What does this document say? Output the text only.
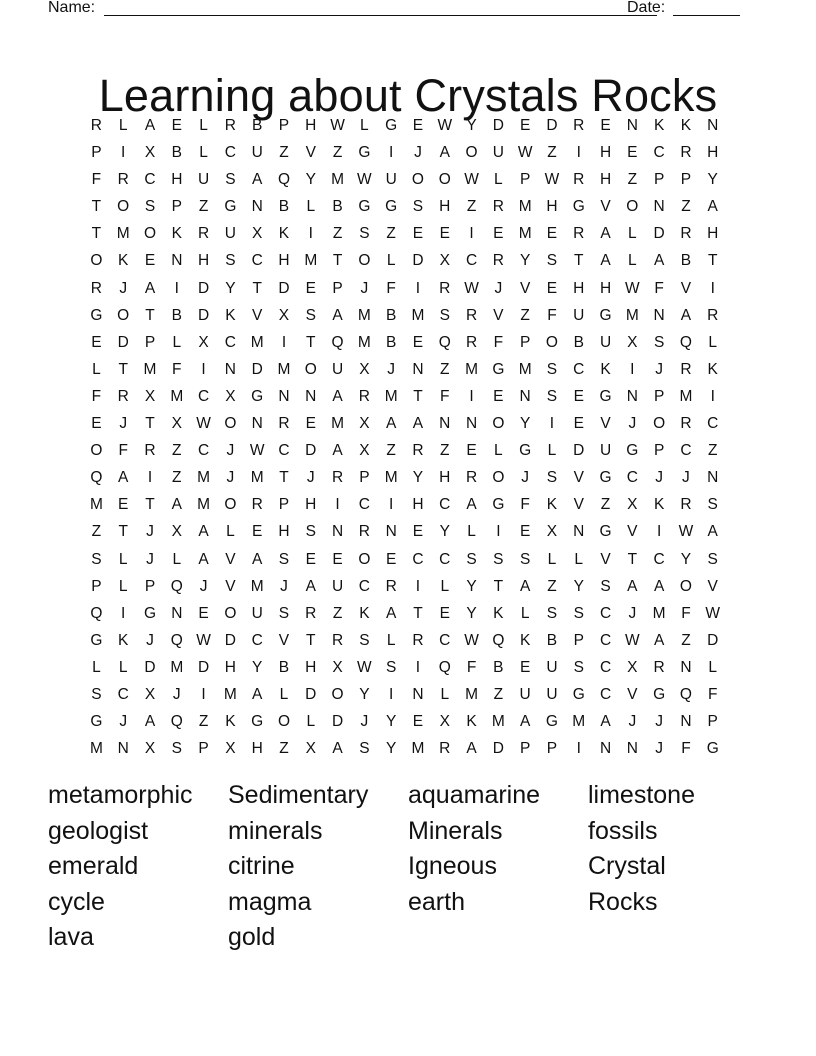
Name:	Date:
Learning about Crystals Rocks
R	L	A	E	L	R	B	P	H W L	G	E W Y	D	E	D	R	E	N	K	K	N
P	I	X	B	L	C	U	Z	V	Z	G	I	J	A	O U W Z	I	H	E	C	R	H
F	R	C	H	U	S	A	Q	Y M W U O O W L	P W R	H	Z	P	P	Y
T	O	S	P	Z	G N	B	L	B	G G	S	H	Z	R M H G	V	O N	Z	A
T	M O	K	R	U	X	K	I	Z	S	Z	E	E	I	E M E	R	A	L	D	R	H
O	K	E	N	H	S	C	H M	T	O	L	D	X	C	R	Y	S	T	A	L	A	B	T
R	J	A	I	D	Y	T	D	E	P	J	F	I	R W	J	V	E	H	H W F	V	I
G O	T	B	D	K	V	X	S	A M B M S	R	V	Z	F	U G M N	A	R
E	D	P	L	X	C M	I	T	Q M B	E	Q R	F	P	O	B	U	X	S	Q	L
L	T	M	F	I	N	D M O U	X	J	N	Z	M G M S	C	K	I	J	R	K
F	R	X M C	X	G N	N	A	R M	T	F	I	E	N	S	E	G N	P M	I
E	J	T	X W O N	R	E M X	A	A	N	N O	Y	I	E	V	J	O R	C
O	F	R	Z	C	J	W C	D	A	X	Z	R	Z	E	L	G	L	D	U G	P	C	Z
Q	A	I	Z	M	J	M	T	J	R	P M Y	H	R O	J	S	V	G C	J	J	N
M E	T	A M O R	P	H	I	C	I	H	C	A	G	F	K	V	Z	X	K	R	S
Z	T	J	X	A	L	E	H	S	N	R	N	E	Y	L	I	E	X	N G	V	I	W A
S	L	J	L	A	V	A	S	E	E	O	E	C	C	S	S	S	L	L	V	T	C	Y	S
P	L	P	Q	J	V M	J	A	U	C	R	I	L	Y	T	A	Z	Y	S	A	A	O	V
Q	I	G N	E	O U	S	R	Z	K	A	T	E	Y	K	L	S	S	C	J	M	F W
G	K	J	Q W D	C	V	T	R	S	L	R	C W Q	K	B	P	C W A	Z	D
L	L	D M D	H	Y	B	H	X W S	I	Q	F	B	E	U	S	C	X	R	N	L
S	C	X	J	I	M A	L	D O	Y	I	N	L	M	Z	U	U G C	V	G Q	F
G	J	A	Q	Z	K	G O	L	D	J	Y	E	X	K M A	G M A	J	J	N	P
M N	X	S	P	X	H	Z	X	A	S	Y M R	A	D	P	P	I	N	N	J	F	G
metamorphic	Sedimentary	aquamarine	limestone
geologist	minerals	Minerals	fossils
emerald	citrine	Igneous	Crystal
cycle	magma	earth	Rocks
lava	gold
